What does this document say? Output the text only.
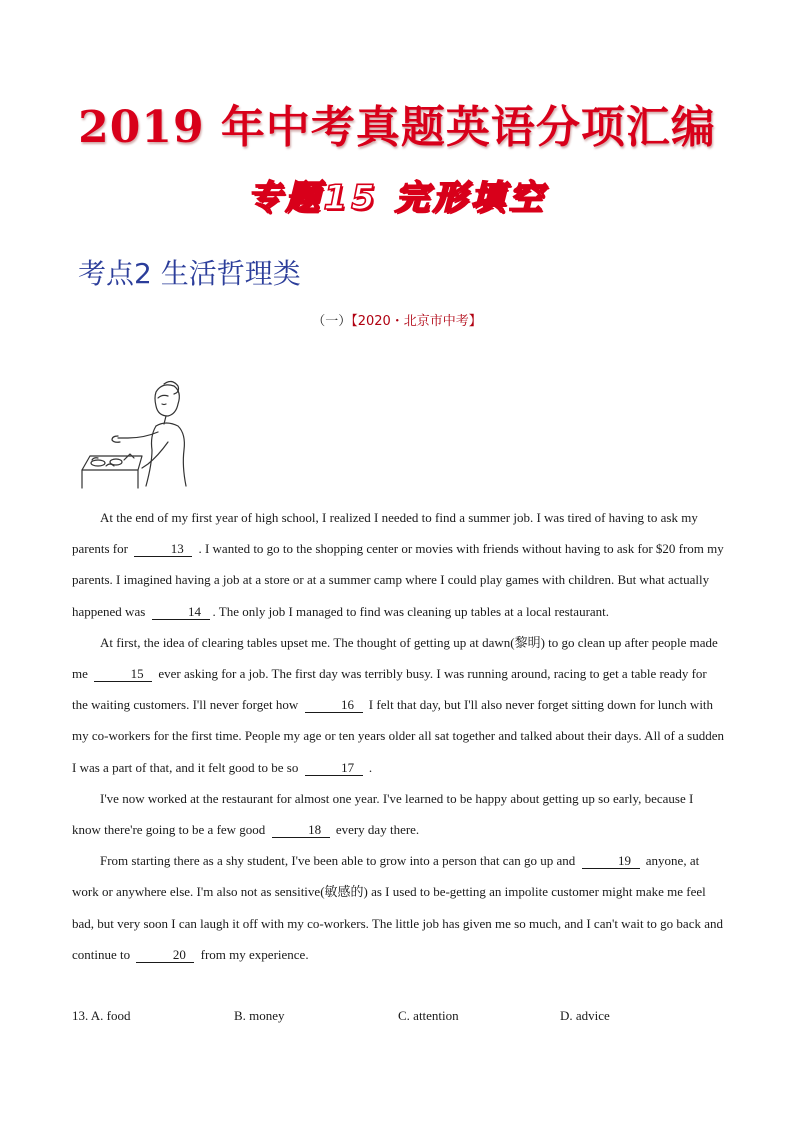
2019 年中考真题英语分项汇编
专题15 完形填空
考点2 生活哲理类
（一）【2020・北京市中考】

At the end of my first year of high school, I realized I needed to find a summer job. I was tired of having to ask my parents for	13 . I wanted to go to the shopping center or movies with friends without having to ask for $20 from my parents. I imagined having a job at a store or at a summer camp where I could play games with children. But what actually happened was	14 . The only job I managed to find was cleaning up tables at a local restaurant.

At first, the idea of clearing tables upset me. The thought of getting up at dawn(黎明) to go clean up after people made me	15 ever asking for a job. The first day was terribly busy. I was running around, racing to get a table ready for the waiting customers. I'll never forget how	16 I felt that day, but I'll also never forget sitting down for lunch with my co-workers for the first time. People my age or ten years older all sat together and talked about their days. All of a sudden I was a part of that, and it felt good to be so	17 .

I've now worked at the restaurant for almost one year. I've learned to be happy about getting up so early, because I know there're going to be a few good	18 every day there.

From starting there as a shy student, I've been able to grow into a person that can go up and	19 anyone, at work or anywhere else. I'm also not as sensitive(敏感的) as I used to be-getting an impolite customer might make me feel bad, but very soon I can laugh it off with my co-workers. The little job has given me so much, and I can't wait to go back and continue to	20 from my experience.

13. A. food	B. money	C. attention	D. advice
